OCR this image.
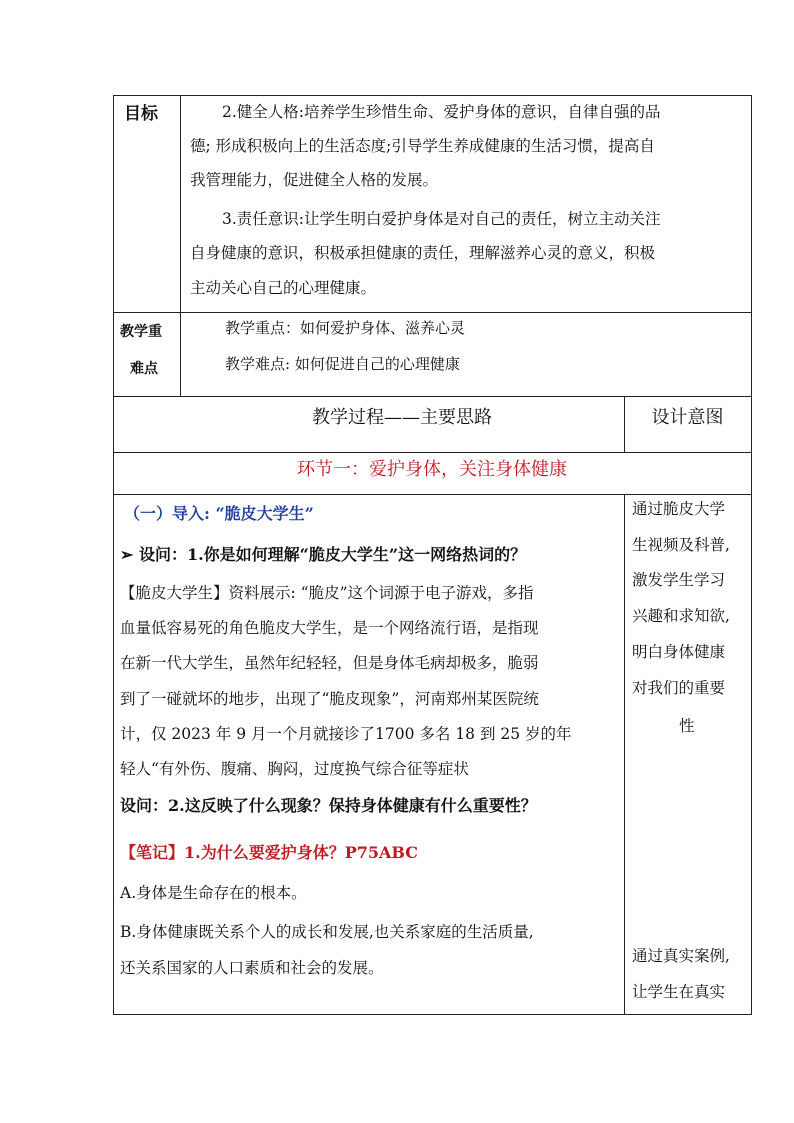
目标	2.健全人格:培养学生珍惜生命、爱护身体的意识，自律自强的品
德; 形成积极向上的生活态度;引导学生养成健康的生活习惯，提高自
我管理能力，促进健全人格的发展。
3.责任意识:让学生明白爱护身体是对自己的责任，树立主动关注
自身健康的意识，积极承担健康的责任，理解滋养心灵的意义，积极
主动关心自己的心理健康。
教学重
难点
教学重点：如何爱护身体、滋养心灵
教学难点: 如何促进自己的心理健康
教学过程——主要思路	设计意图
环节一：爱护身体，关注身体健康
（一）导入: “脆皮大学生”
➢ 设问：1.你是如何理解“脆皮大学生”这一网络热词的？
【脆皮大学生】资料展示: “脆皮”这个词源于电子游戏，多指
血量低容易死的角色脆皮大学生，是一个网络流行语，是指现
在新一代大学生，虽然年纪轻轻，但是身体毛病却极多，脆弱
到了一碰就坏的地步，出现了“脆皮现象”，河南郑州某医院统
计，仅 2023 年 9 月一个月就接诊了1700 多名 18 到 25 岁的年
轻人“有外伤、腹痛、胸闷，过度换气综合征等症状
设问：2.这反映了什么现象？保持身体健康有什么重要性？
【笔记】1.为什么要爱护身体？P75ABC
A.身体是生命存在的根本。
B.身体健康既关系个人的成长和发展,也关系家庭的生活质量,
还关系国家的人口素质和社会的发展。
通过脆皮大学
生视频及科普,
激发学生学习
兴趣和求知欲,
明白身体健康
对我们的重要
性
通过真实案例,
让学生在真实
